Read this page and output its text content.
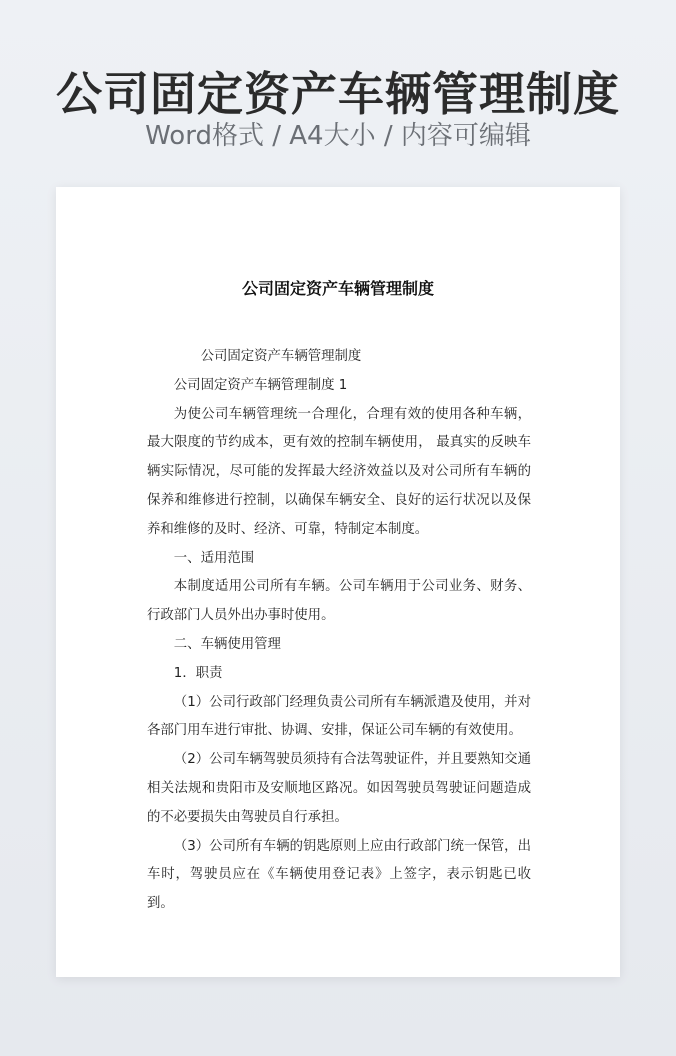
公司固定资产车辆管理制度
Word格式 / A4大小 / 内容可编辑
公司固定资产车辆管理制度

公司固定资产车辆管理制度

公司固定资产车辆管理制度 1

为使公司车辆管理统一合理化，合理有效的使用各种车辆，最大限度的节约成本，更有效的控制车辆使用， 最真实的反映车辆实际情况，尽可能的发挥最大经济效益以及对公司所有车辆的保养和维修进行控制，以确保车辆安全、良好的运行状况以及保养和维修的及时、经济、可靠，特制定本制度。

一、适用范围

本制度适用公司所有车辆。公司车辆用于公司业务、财务、行政部门人员外出办事时使用。

二、车辆使用管理

1．职责

（1）公司行政部门经理负责公司所有车辆派遣及使用，并对各部门用车进行审批、协调、安排，保证公司车辆的有效使用。

（2）公司车辆驾驶员须持有合法驾驶证件，并且要熟知交通相关法规和贵阳市及安顺地区路况。如因驾驶员驾驶证问题造成的不必要损失由驾驶员自行承担。

（3）公司所有车辆的钥匙原则上应由行政部门统一保管，出车时，驾驶员应在《车辆使用登记表》上签字，表示钥匙已收到。
